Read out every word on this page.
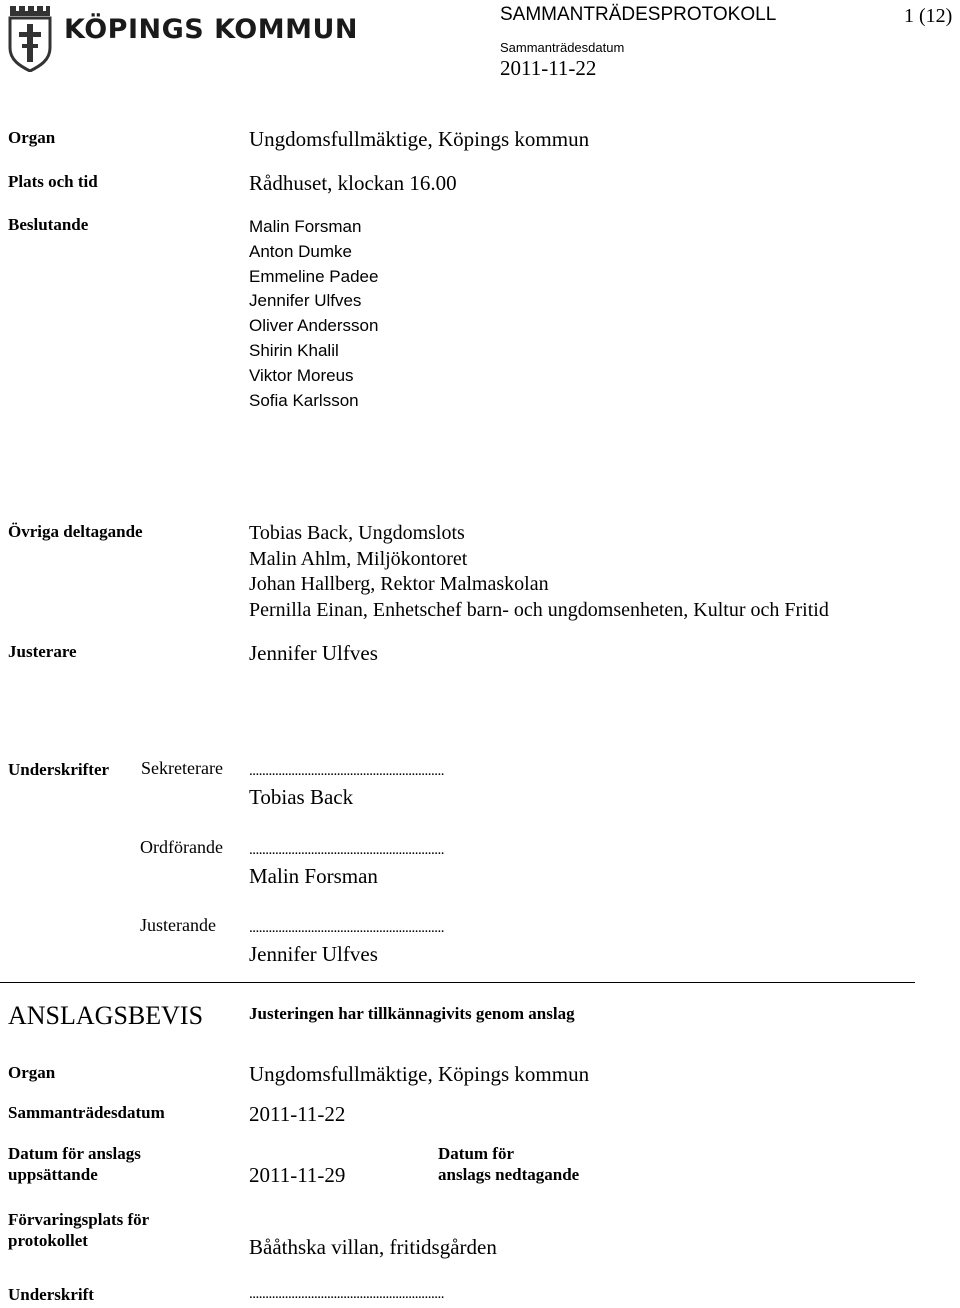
KÖPINGS KOMMUN	SAMMANTRÄDESPROTOKOLL	1 (12)
Sammanträdesdatum
2011-11-22
Organ	Ungdomsfullmäktige, Köpings kommun
Plats och tid	Rådhuset, klockan 16.00
Beslutande	Malin Forsman
Anton Dumke
Emmeline Padee
Jennifer Ulfves
Oliver Andersson
Shirin Khalil
Viktor Moreus
Sofia Karlsson
Övriga deltagande	Tobias Back, Ungdomslots
Malin Ahlm, Miljökontoret
Johan Hallberg, Rektor Malmaskolan
Pernilla Einan, Enhetschef barn- och ungdomsenheten, Kultur och Fritid
Justerare	Jennifer Ulfves
Underskrifter Sekreterare ............................................................
Tobias Back
Ordförande ............................................................
Malin Forsman
Justerande ............................................................
Jennifer Ulfves
ANSLAGSBEVIS	Justeringen har tillkännagivits genom anslag
Organ	Ungdomsfullmäktige, Köpings kommun
Sammanträdesdatum	2011-11-22
Datum för anslags
uppsättande	2011-11-29
Datum för
anslags nedtagande
Förvaringsplats för
protokollet	Bååthska villan, fritidsgården
Underskrift	............................................................
